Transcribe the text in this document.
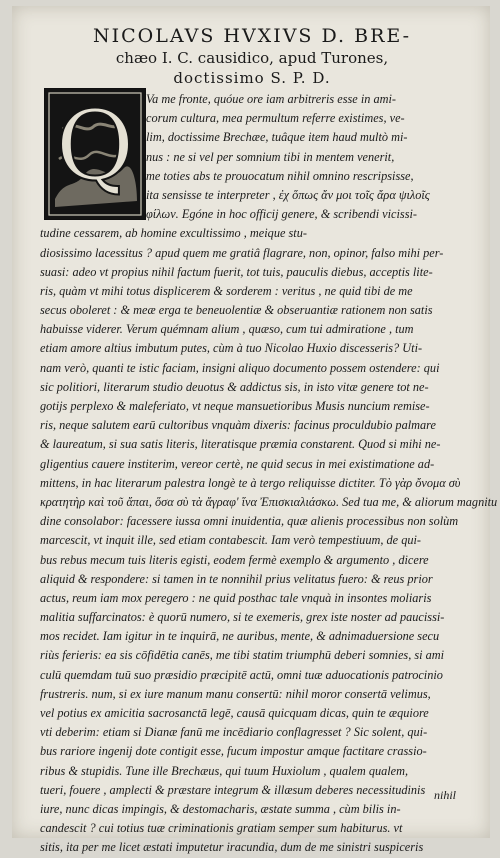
NICOLAVS HVXIVS D. BRE-
chæo I. C. causidico, apud Turones,
doctissimo S. P. D.
Q Va me fronte, quóue ore iam arbitreris esse in ami-
corum cultura, mea permultum referre existimes, ve-
lim, doctissime Brechæe, tuâque item haud multò mi-
nus : ne si vel per somnium tibi in mentem venerit,
me toties abs te prouocatum nihil omnino rescripsisse,
ita sensisse te interpreter , ἐχ ὅπως ἄν μοι τοῖς ἄρα ψιλοῖς
φίλων. Egóne in hoc officij genere, & scribendi vicissi-
tudine cessarem, ab homine excultissimo , meique stu-
diosissimo lacessitus ? apud quem me gratiâ flagrare, non, opinor, falso mihi per-
suasi: adeo vt propius nihil factum fuerit, tot tuis, pauculis diebus, acceptis lite-
ris, quàm vt mihi totus displicerem & sorderem : veritus , ne quid tibi de me
secus oboleret : & meæ erga te beneuolentiæ & obseruantiæ rationem non satis
habuisse viderer. Verum quémnam alium , quæso, cum tui admiratione , tum
etiam amore altius imbutum putes, cùm à tuo Nicolao Huxio discesseris? Uti-
nam verò, quanti te istic faciam, insigni aliquo documento possem ostendere: qui
sic politiori, literarum studio deuotus & addictus sis, in isto vitæ genere tot ne-
gotijs perplexo & maleferiato, vt neque mansuetioribus Musis nuncium remise-
ris, neque salutem earū cultoribus vnquàm dixeris: facinus proculdubio palmare
& laureatum, si sua satis literis, literatisque præmia constarent. Quod si mihi ne-
gligentius cauere institerim, vereor certè, ne quid secus in mei existimatione ad-
mittens, in hac literarum palestra longè te à tergo reliquisse dictiter. Τὸ γὰρ ὄνομα σὺ
κρατητὴρ καὶ τοῦ ἄπαι, ὅσα σὺ τὰ ἄγραφ' ἵνα Ἐπισκιαλιάσκω. Sed tua me, & aliorum magnitu
dine consolabor: facessere iussa omni inuidentia, quæ alienis processibus non solùm
marcescit, vt inquit ille, sed etiam contabescit. Iam verò tempestiuum, de qui-
bus rebus mecum tuis literis egisti, eodem fermè exemplo & argumento , dicere
aliquid & respondere: si tamen in te nonnihil prius velitatus fuero: & reus prior
actus, reum iam mox peregero : ne quid posthac tale vnquà in insontes moliaris
malitia suffarcinatos: è quorū numero, si te exemeris, grex iste noster ad paucissi-
mos recidet. Iam igitur in te inquirā, ne auribus, mente, & adnimaduersione secu
riùs ferieris: ea sis cōfidētia canēs, me tibi statim triumphū deberi somnies, si ami
culū quemdam tuū suo præsidio præcipitē actū, omni tuæ aduocationis patrocinio
frustreris. num, si ex iure manum manu consertū: nihil moror consertā velimus,
vel potius ex amicitia sacrosanctā legē, causā quicquam dicas, quin te æquiore
vti deberim: etiam si Dianæ fanū me incēdiario conflagresset ? Sic solent, qui-
bus rariore ingenij dote contigit esse, fucum impostur amque factitare crassio-
ribus & stupidis. Tune ille Brechæus, qui tuum Huxiolum , qualem qualem,
tueri, fouere , amplecti & præstare integrum & illæsum deberes necessitudinis
iure, nunc dicas impingis, & destomacharis, æstate summa , cùm bilis in-
candescit ? cui totius tuæ criminationis gratiam semper sum habiturus. vt
sitis, ita per me licet æstati imputetur iracundia, dum de me sinistri suspiceris
nihil
